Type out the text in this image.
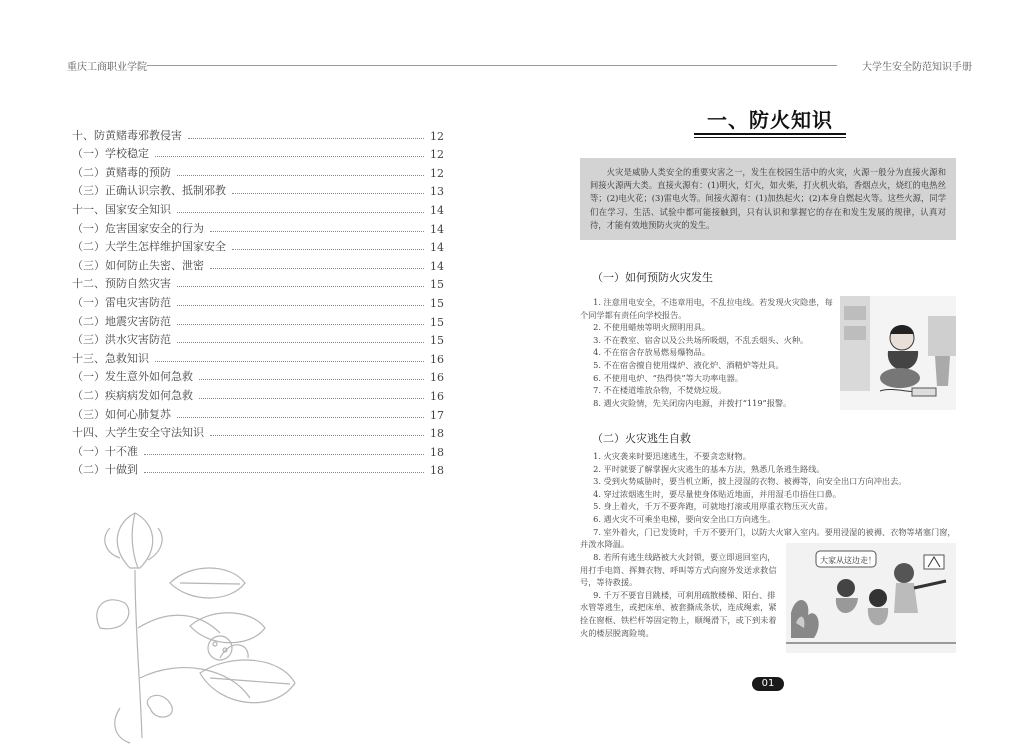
重庆工商职业学院	大学生安全防范知识手册
十、防黄赌毒邪教侵害	12
（一）学校稳定	12
（二）黄赌毒的预防	12
（三）正确认识宗教、抵制邪教	13
十一、国家安全知识	14
（一）危害国家安全的行为	14
（二）大学生怎样维护国家安全	14
（三）如何防止失密、泄密	14
十二、预防自然灾害	15
（一）雷电灾害防范	15
（二）地震灾害防范	15
（三）洪水灾害防范	15
十三、急救知识	16
（一）发生意外如何急救	16
（二）疾病病发如何急救	16
（三）如何心肺复苏	17
十四、大学生安全守法知识	18
（一）十不准	18
（二）十做到	18
一、防火知识
火灾是威胁人类安全的重要灾害之一，发生在校园生活中的火灾，火源一般分为直接火源和间接火源两大类。直接火源有：(1)明火，灯火，如火柴，打火机火焰，香烟点火，烧红的电热丝等；(2)电火花；(3)雷电火等。间接火源有：(1)加热起火；(2)本身自燃起火等。这些火源，同学们在学习、生活、试验中都可能接触到，只有认识和掌握它的存在和发生发展的规律，认真对待，才能有效地预防火灾的发生。
（一）如何预防火灾发生

1. 注意用电安全，不违章用电，不乱拉电线。若发现火灾隐患，每个同学都有责任向学校报告。

2. 不使用蜡烛等明火照明用具。

3. 不在教室、宿舍以及公共场所吸烟，不乱丢烟头、火种。

4. 不在宿舍存放易燃易爆物品。

5. 不在宿舍擅自使用煤炉、液化炉、酒精炉等灶具。

6. 不使用电炉、“热得快”等大功率电器。

7. 不在楼道堆放杂物，不焚烧垃圾。

8. 遇火灾险情，先关闭房内电源，并拨打“119”报警。

（二）火灾逃生自救

1. 火灾袭来时要迅速逃生，不要贪恋财物。

2. 平时就要了解掌握火灾逃生的基本方法，熟悉几条逃生路线。

3. 受到火势威胁时，要当机立断，披上浸湿的衣物、被褥等，向安全出口方向冲出去。

4. 穿过浓烟逃生时，要尽量使身体贴近地面，并用湿毛巾捂住口鼻。

5. 身上着火，千万不要奔跑，可就地打滚或用厚重衣物压灭火苗。

6. 遇火灾不可乘坐电梯，要向安全出口方向逃生。

7. 室外着火，门已发烫时，千万不要开门，以防大火窜入室内。要用浸湿的被褥、衣物等堵塞门窗，并泼水降温。

8. 若所有逃生线路被大火封锁，要立即退回室内，用打手电筒、挥舞衣物、呼叫等方式向窗外发送求救信号，等待救援。

9. 千万不要盲目跳楼，可利用疏散楼梯、阳台、排水管等逃生，或把床单、被套撕成条状，连成绳索，紧拴在窗框、铁栏杆等固定物上，顺绳滑下，或下到未着火的楼层脱离险境。

大家从这边走！
01
